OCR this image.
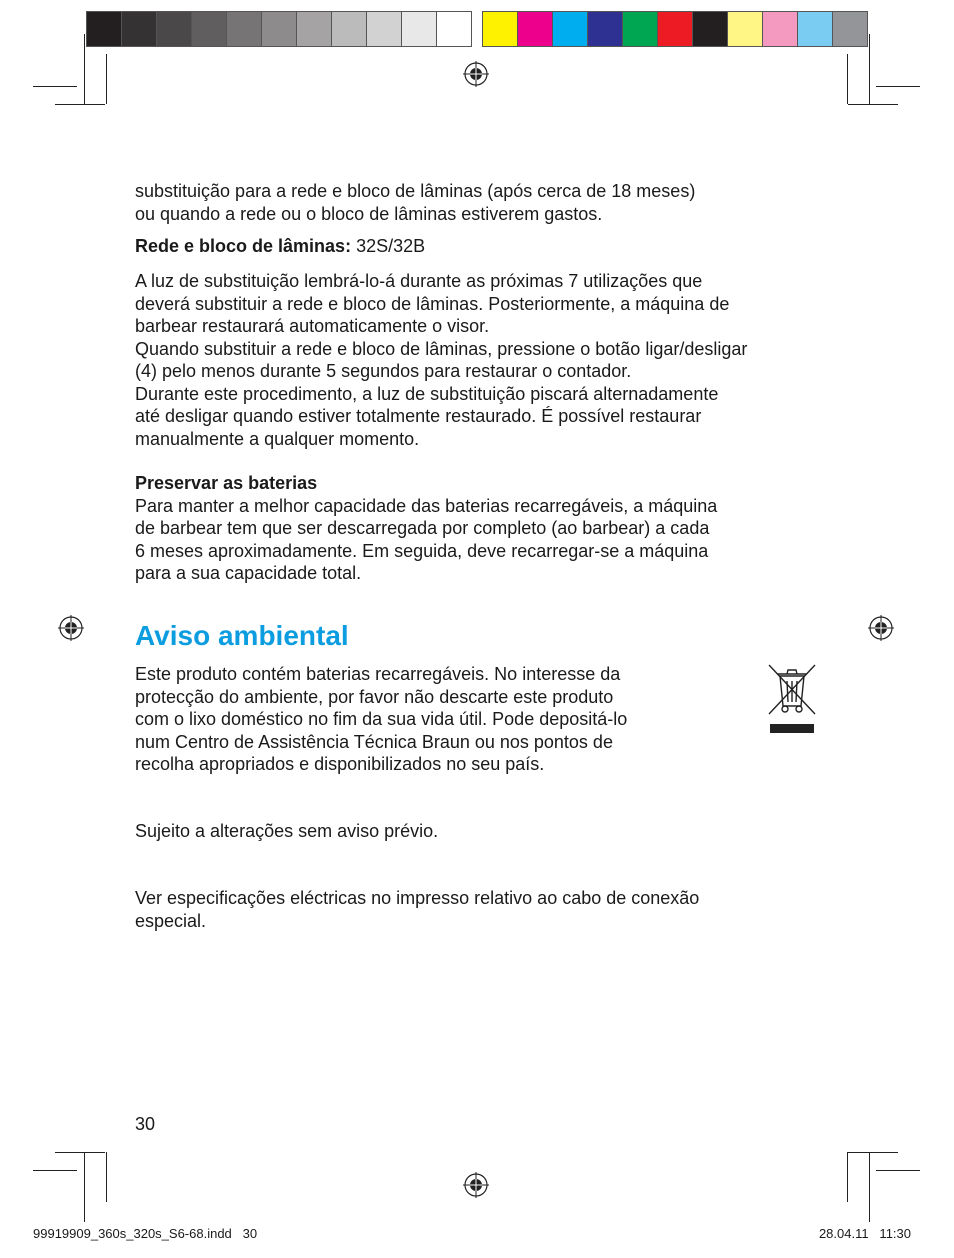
substituição para a rede e bloco de lâminas (após cerca de 18 meses)
ou quando a rede ou o bloco de lâminas estiverem gastos.

Rede e bloco de lâminas: 32S/32B

A luz de substituição lembrá-lo-á durante as próximas 7 utilizações que
deverá substituir a rede e bloco de lâminas. Posteriormente, a máquina de
barbear restaurará automaticamente o visor.
Quando substituir a rede e bloco de lâminas, pressione o botão ligar/desligar
(4) pelo menos durante 5 segundos para restaurar o contador.
Durante este procedimento, a luz de substituição piscará alternadamente
até desligar quando estiver totalmente restaurado. É possível restaurar
manualmente a qualquer momento.

Preservar as baterias
Para manter a melhor capacidade das baterias recarregáveis, a máquina
de barbear tem que ser descarregada por completo (ao barbear) a cada
6 meses aproximadamente. Em seguida, deve recarregar-se a máquina
para a sua capacidade total.

Aviso ambiental

Este produto contém baterias recarregáveis. No interesse da
protecção do ambiente, por favor não descarte este produto
com o lixo doméstico no fim da sua vida útil. Pode depositá-lo
num Centro de Assistência Técnica Braun ou nos pontos de
recolha apropriados e disponibilizados no seu país.

Sujeito a alterações sem aviso prévio.

Ver especificações eléctricas no impresso relativo ao cabo de conexão
especial.

30
99919909_360s_320s_S6-68.indd   30	28.04.11   11:30
